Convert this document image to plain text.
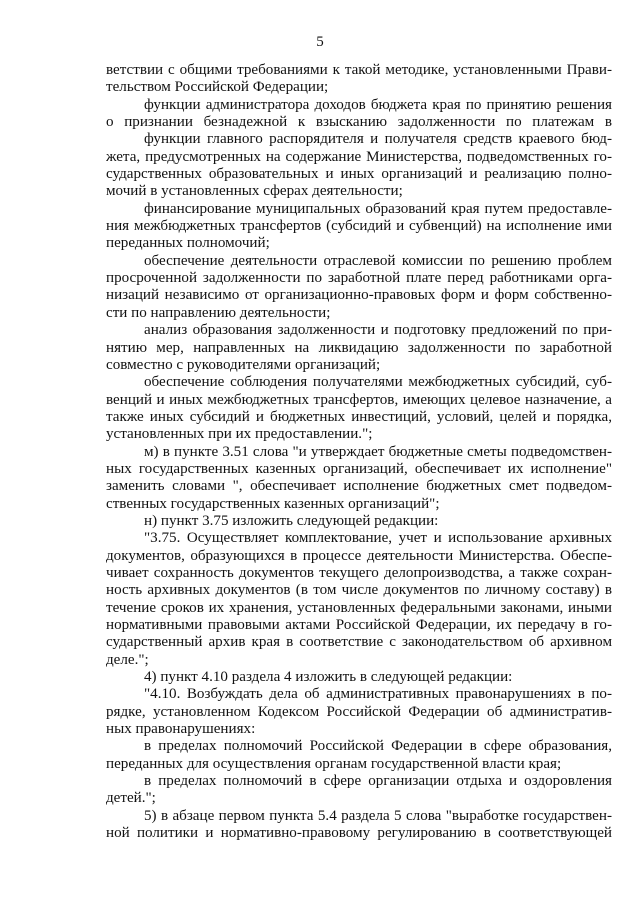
5
ветствии с общими требованиями к такой методике, установленными Прави-
тельством Российской Федерации;
функции администратора доходов бюджета края по принятию решения
о признании безнадежной к взысканию задолженности по платежам в
функции главного распорядителя и получателя средств краевого бюд-
жета, предусмотренных на содержание Министерства, подведомственных го-
сударственных образовательных и иных организаций и реализацию полно-
мочий в установленных сферах деятельности;
финансирование муниципальных образований края путем предоставле-
ния межбюджетных трансфертов (субсидий и субвенций) на исполнение ими
переданных полномочий;
обеспечение деятельности отраслевой комиссии по решению проблем
просроченной задолженности по заработной плате перед работниками орга-
низаций независимо от организационно-правовых форм и форм собственно-
сти по направлению деятельности;
анализ образования задолженности и подготовку предложений по при-
нятию мер, направленных на ликвидацию задолженности по заработной
совместно с руководителями организаций;
обеспечение соблюдения получателями межбюджетных субсидий, суб-
венций и иных межбюджетных трансфертов, имеющих целевое назначение, а
также иных субсидий и бюджетных инвестиций, условий, целей и порядка,
установленных при их предоставлении.";
м) в пункте 3.51 слова "и утверждает бюджетные сметы подведомствен-
ных государственных казенных организаций, обеспечивает их исполнение"
заменить словами ", обеспечивает исполнение бюджетных смет подведом-
ственных государственных казенных организаций";
н) пункт 3.75 изложить следующей редакции:
"3.75. Осуществляет комплектование, учет и использование архивных
документов, образующихся в процессе деятельности Министерства. Обеспе-
чивает сохранность документов текущего делопроизводства, а также сохран-
ность архивных документов (в том числе документов по личному составу) в
течение сроков их хранения, установленных федеральными законами, иными
нормативными правовыми актами Российской Федерации, их передачу в го-
сударственный архив края в соответствие с законодательством об архивном
деле.";
4) пункт 4.10 раздела 4 изложить в следующей редакции:
"4.10. Возбуждать дела об административных правонарушениях в по-
рядке, установленном Кодексом Российской Федерации об административ-
ных правонарушениях:
в пределах полномочий Российской Федерации в сфере образования,
переданных для осуществления органам государственной власти края;
в пределах полномочий в сфере организации отдыха и оздоровления
детей.";
5) в абзаце первом пункта 5.4 раздела 5 слова "выработке государствен-
ной политики и нормативно-правовому регулированию в соответствующей
